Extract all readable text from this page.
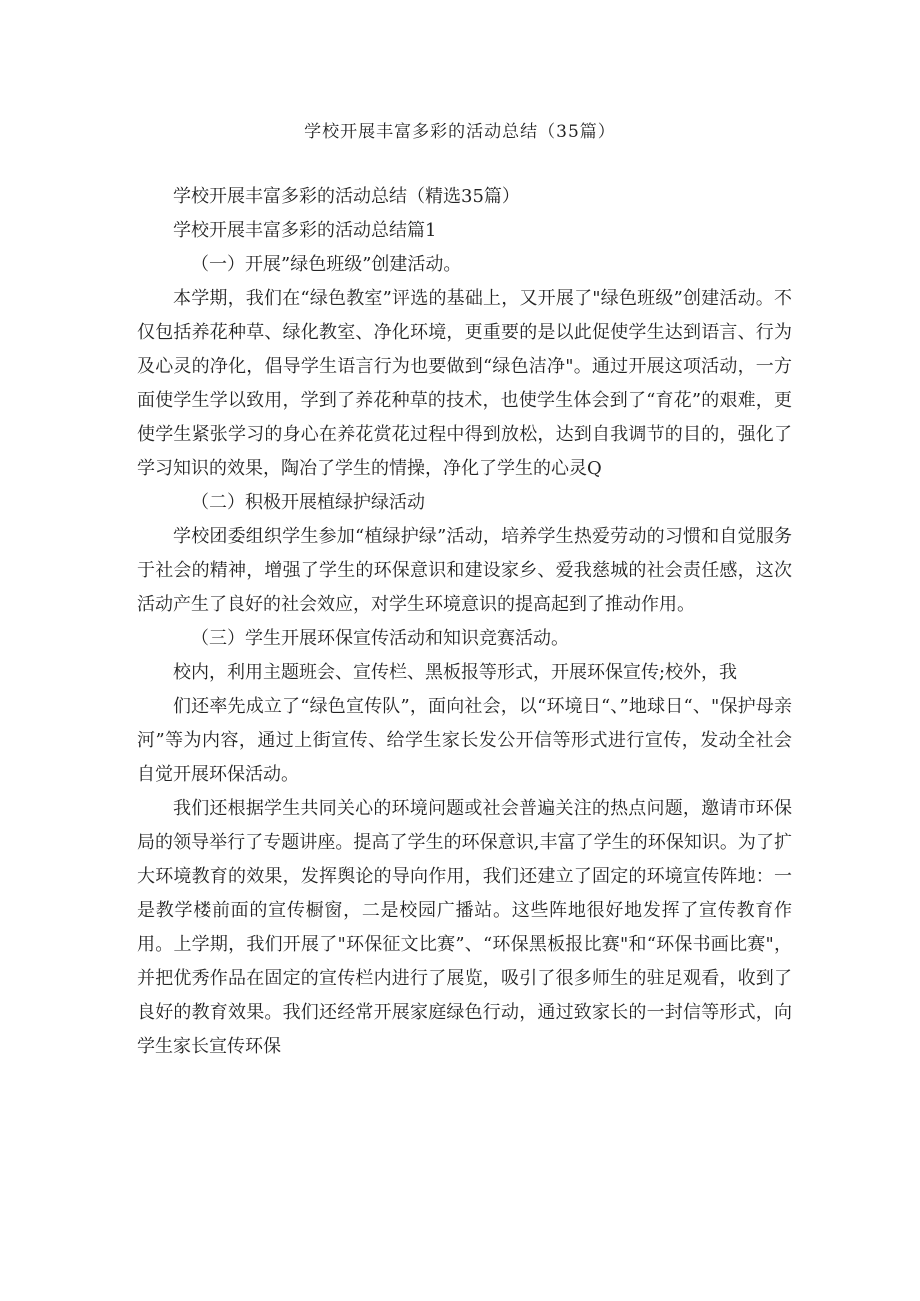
学校开展丰富多彩的活动总结（35篇）

学校开展丰富多彩的活动总结（精选35篇）

学校开展丰富多彩的活动总结篇1

（一）开展”绿色班级”创建活动。

本学期，我们在“绿色教室”评选的基础上，又开展了"绿色班级”创建活动。不仅包括养花种草、绿化教室、净化环境，更重要的是以此促使学生达到语言、行为及心灵的净化，倡导学生语言行为也要做到“绿色洁净"。通过开展这项活动，一方面使学生学以致用，学到了养花种草的技术，也使学生体会到了“育花”的艰难，更使学生紧张学习的身心在养花赏花过程中得到放松，达到自我调节的目的，强化了学习知识的效果，陶冶了学生的情操，净化了学生的心灵Q

（二）积极开展植绿护绿活动

学校团委组织学生参加“植绿护绿”活动，培养学生热爱劳动的习惯和自觉服务于社会的精神，增强了学生的环保意识和建设家乡、爱我慈城的社会责任感，这次活动产生了良好的社会效应，对学生环境意识的提高起到了推动作用。

（三）学生开展环保宣传活动和知识竞赛活动。

校内，利用主题班会、宣传栏、黑板报等形式，开展环保宣传;校外，我

们还率先成立了“绿色宣传队”，面向社会，以“环境日“、”地球日“、"保护母亲河”等为内容，通过上街宣传、给学生家长发公开信等形式进行宣传，发动全社会自觉开展环保活动。

我们还根据学生共同关心的环境问题或社会普遍关注的热点问题，邀请市环保局的领导举行了专题讲座。提高了学生的环保意识,丰富了学生的环保知识。为了扩大环境教育的效果，发挥舆论的导向作用，我们还建立了固定的环境宣传阵地：一是教学楼前面的宣传橱窗，二是校园广播站。这些阵地很好地发挥了宣传教育作用。上学期，我们开展了"环保征文比赛”、“环保黑板报比赛"和“环保书画比赛"，并把优秀作品在固定的宣传栏内进行了展览，吸引了很多师生的驻足观看，收到了良好的教育效果。我们还经常开展家庭绿色行动，通过致家长的一封信等形式，向学生家长宣传环保
